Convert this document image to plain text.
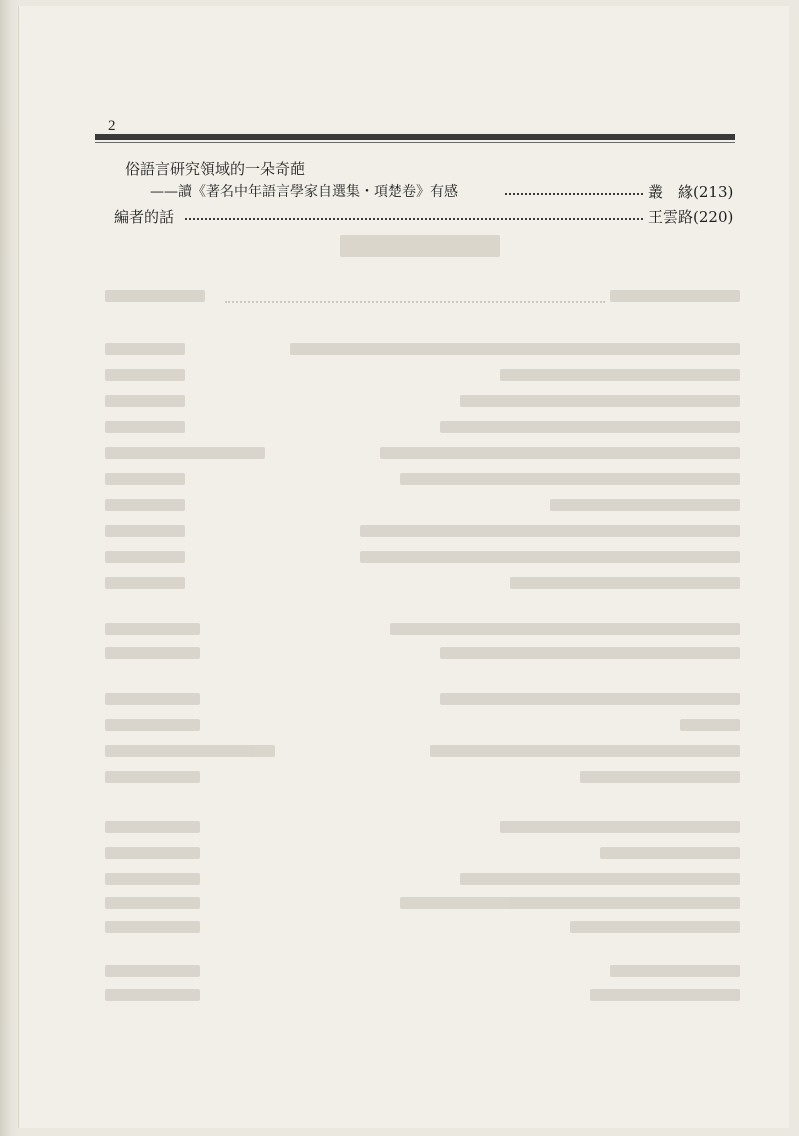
2
俗語言研究領域的一朵奇葩
——讀《著名中年語言學家自選集・項楚卷》有感	叢　緣(213)
編者的話	王雲路(220)
